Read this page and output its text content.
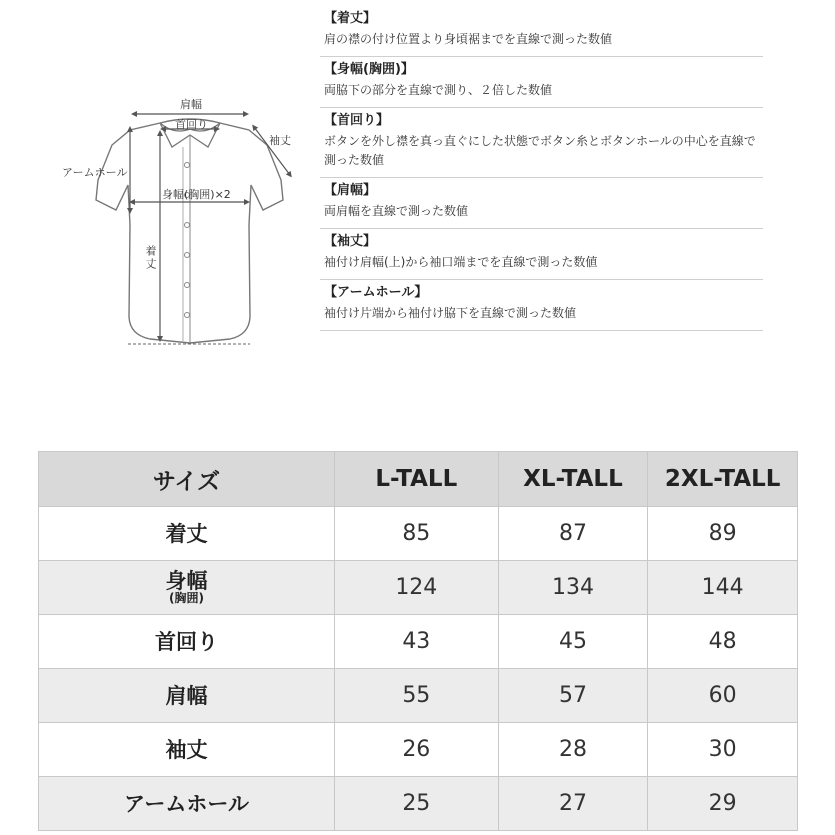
肩幅
首回り
袖丈
アームホール
身幅(胸囲)×2
着丈
【着丈】
肩の襟の付け位置より身頃裾までを直線で測った数値
【身幅(胸囲)】
両脇下の部分を直線で測り、２倍した数値
【首回り】
ボタンを外し襟を真っ直ぐにした状態でボタン糸とボタンホールの中心を直線で測った数値
【肩幅】
両肩幅を直線で測った数値
【袖丈】
袖付け肩幅(上)から袖口端までを直線で測った数値
【アームホール】
袖付け片端から袖付け脇下を直線で測った数値
サイズ	L-TALL	XL-TALL	2XL-TALL
着丈	85	87	89
身幅
(胸囲)	124	134	144
首回り	43	45	48
肩幅	55	57	60
袖丈	26	28	30
アームホール	25	27	29
